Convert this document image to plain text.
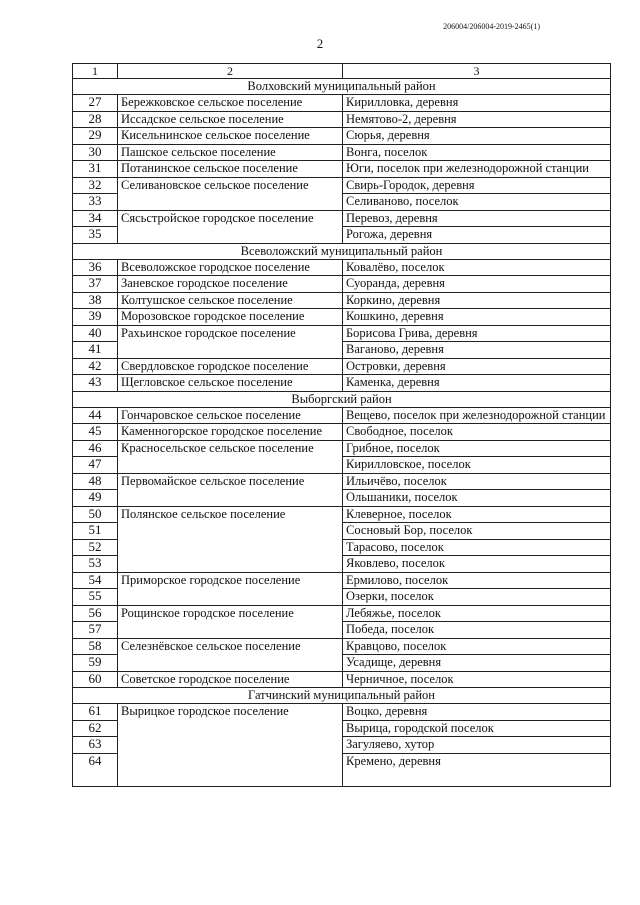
206004/206004-2019-2465(1)
2
1	2	3
Волховский муниципальный район		
27	Бережковское сельское поселение	Кирилловка, деревня
28	Иссадское сельское поселение	Немятово-2, деревня
29	Кисельнинское сельское поселение	Сюрья, деревня
30	Пашское сельское поселение	Вонга, поселок
31	Потанинское сельское поселение	Юги, поселок при железнодорожной станции
32	Селивановское сельское поселение	Свирь-Городок, деревня
33		Селиваново, поселок
34	Сясьстройское городское поселение	Перевоз, деревня
35		Рогожа, деревня
Всеволожский муниципальный район		
36	Всеволожское городское поселение	Ковалёво, поселок
37	Заневское городское поселение	Суоранда, деревня
38	Колтушское сельское поселение	Коркино, деревня
39	Морозовское городское поселение	Кошкино, деревня
40	Рахьинское городское поселение	Борисова Грива, деревня
41		Ваганово, деревня
42	Свердловское городское поселение	Островки, деревня
43	Щегловское сельское поселение	Каменка, деревня
Выборгский район		
44	Гончаровское сельское поселение	Вещево, поселок при железнодорожной станции
45	Каменногорское городское поселение	Свободное, поселок
46	Красносельское сельское поселение	Грибное, поселок
47		Кирилловское, поселок
48	Первомайское сельское поселение	Ильичёво, поселок
49		Ольшаники, поселок
50	Полянское сельское поселение	Клеверное, поселок
51		Сосновый Бор, поселок
52		Тарасово, поселок
53		Яковлево, поселок
54	Приморское городское поселение	Ермилово, поселок
55		Озерки, поселок
56	Рощинское городское поселение	Лебяжье, поселок
57		Победа, поселок
58	Селезнёвское сельское поселение	Кравцово, поселок
59		Усадище, деревня
60	Советское городское поселение	Черничное, поселок
Гатчинский муниципальный район		
61	Вырицкое городское поселение	Воцко, деревня
62		Вырица, городской поселок
63		Загуляево, хутор
64		Кремено, деревня
